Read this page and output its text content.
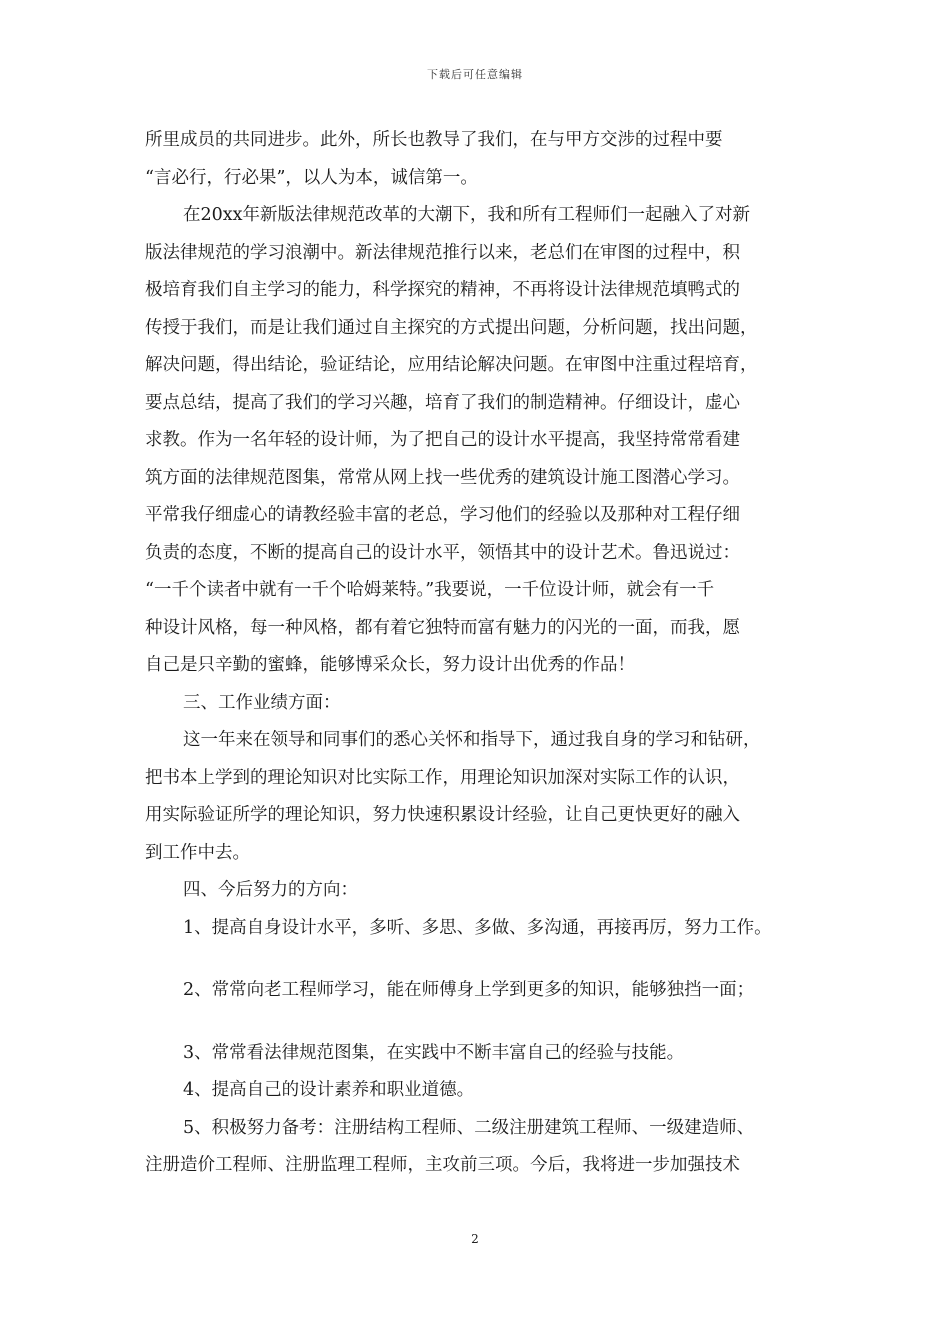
下载后可任意编辑
所里成员的共同进步。此外，所长也教导了我们，在与甲方交涉的过程中要
“言必行，行必果”，以人为本，诚信第一。
在20xx年新版法律规范改革的大潮下，我和所有工程师们一起融入了对新
版法律规范的学习浪潮中。新法律规范推行以来，老总们在审图的过程中，积
极培育我们自主学习的能力，科学探究的精神，不再将设计法律规范填鸭式的
传授于我们，而是让我们通过自主探究的方式提出问题，分析问题，找出问题，
解决问题，得出结论，验证结论，应用结论解决问题。在审图中注重过程培育，
要点总结，提高了我们的学习兴趣，培育了我们的制造精神。仔细设计，虚心
求教。作为一名年轻的设计师，为了把自己的设计水平提高，我坚持常常看建
筑方面的法律规范图集，常常从网上找一些优秀的建筑设计施工图潜心学习。
平常我仔细虚心的请教经验丰富的老总，学习他们的经验以及那种对工程仔细
负责的态度，不断的提高自己的设计水平，领悟其中的设计艺术。鲁迅说过：
“一千个读者中就有一千个哈姆莱特。”我要说，一千位设计师，就会有一千
种设计风格，每一种风格，都有着它独特而富有魅力的闪光的一面，而我，愿
自己是只辛勤的蜜蜂，能够博采众长，努力设计出优秀的作品！
三、工作业绩方面：
这一年来在领导和同事们的悉心关怀和指导下，通过我自身的学习和钻研，
把书本上学到的理论知识对比实际工作，用理论知识加深对实际工作的认识，
用实际验证所学的理论知识，努力快速积累设计经验，让自己更快更好的融入
到工作中去。
四、今后努力的方向：
1、提高自身设计水平，多听、多思、多做、多沟通，再接再厉，努力工作。
2、常常向老工程师学习，能在师傅身上学到更多的知识，能够独挡一面；
3、常常看法律规范图集，在实践中不断丰富自己的经验与技能。
4、提高自己的设计素养和职业道德。
5、积极努力备考：注册结构工程师、二级注册建筑工程师、一级建造师、
注册造价工程师、注册监理工程师，主攻前三项。今后，我将进一步加强技术
2
